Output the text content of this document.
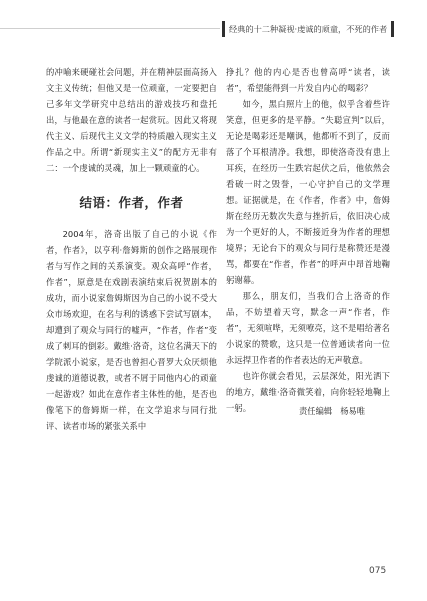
经典的十二种凝视·虔诚的顽童，不死的作者

的冲喻来硬碰社会问题，并在精神层面高扬入文主义传统；但他又是一位顽童，一定要把自己多年文学研究中总结出的游戏技巧和盘托出，与他最在意的读者一起赏玩。因此又将现代主义、后现代主义文学的特质融入现实主义作品之中。所谓“新现实主义”的配方无非有二：一个虔诚的灵魂，加上一颗顽童的心。

结语：作者，作者

2004年，洛奇出版了自己的小说《作者，作者》，以亨利·詹姆斯的创作之路展现作者与写作之间的关系演变。观众高呼“作者，作者”，原意是在戏剧表演结束后祝贺剧本的成功，而小说家詹姆斯因为自己的小说不受大众市场欢迎，在名与利的诱惑下尝试写剧本，却遭到了观众与同行的嘘声，“作者，作者”变成了刺耳的倒彩。戴维·洛奇，这位名满天下的学院派小说家，是否也曾担心晋罗大众厌烦他虔诚的道德说教，或者不屑于同他内心的顽童一起游戏？如此在意作者主体性的他，是否也像笔下的詹姆斯一样，在文学追求与同行批评、读者市场的紧张关系中

挣扎？他的内心是否也曾高呼“读者，读者”，希望能得到一片发自内心的喝彩？

如今，黑白照片上的他，似乎含着些许笑意，但更多的是平静。“失聪宣判”以后，无论是喝彩还是嘲讽，他都听不到了，反而落了个耳根清净。我想，即使洛奇没有患上耳疾，在经历一生跌宕起伏之后，他依然会看破一时之毁誉，一心守护自己的文学理想。证据就是，在《作者，作者》中，詹姆斯在经历无数次失意与挫折后，依旧决心成为一个更好的人，不断接近身为作者的理想境界；无论台下的观众与同行是称赞还是漫骂，都要在“作者，作者”的呼声中昂首地鞠躬谢幕。

那么，朋友们，当我们合上洛奇的作品，不妨望着天穹，默念一声“作者，作者”，无须喧哗，无须嘹亮，这不是唱给著名小说家的赞歌，这只是一位普通读者向一位永远捍卫作者的作者表达的无声敬意。

也许你就会看见，云层深处，阳光洒下的地方，戴维·洛奇微笑着，向你轻轻地鞠上一躬。	责任编辑 杨易唯
075
